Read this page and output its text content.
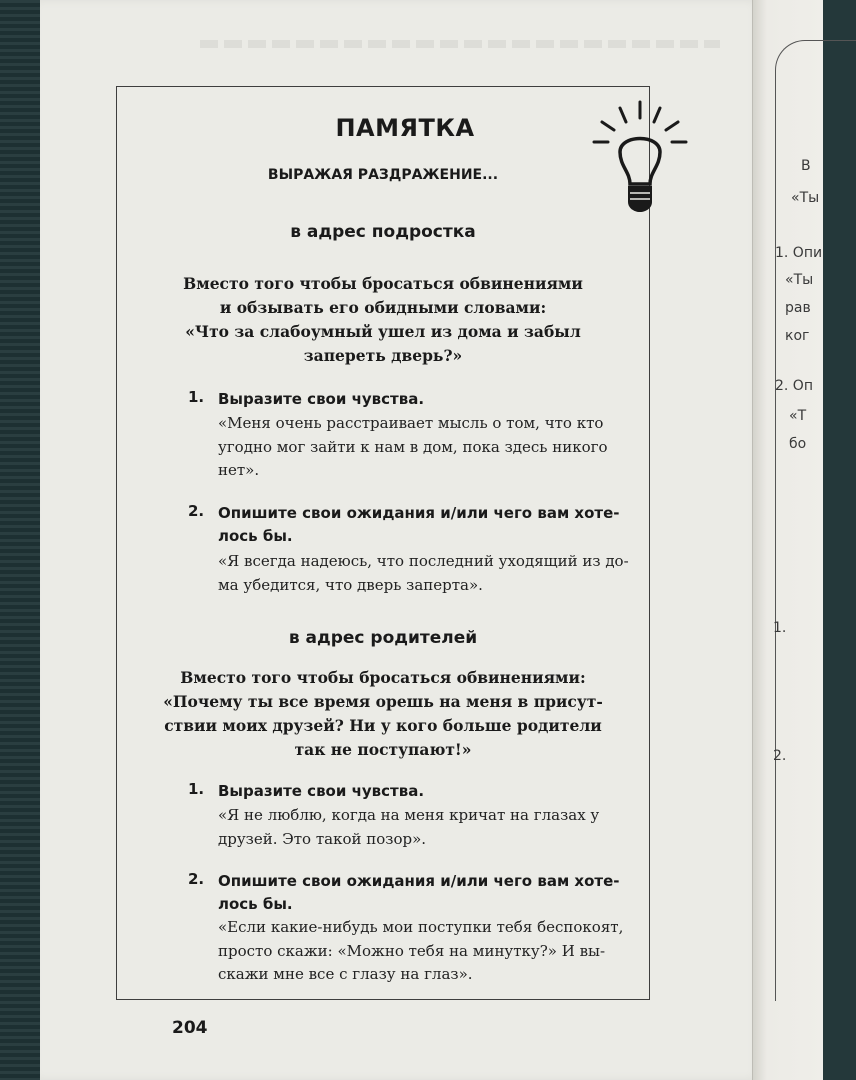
В
«Ты
1. Опи
«Ты
рав
ког
2. Оп
«Т
бо
1.
2.
ПАМЯТКА
ВЫРАЖАЯ РАЗДРАЖЕНИЕ...
в адрес подростка
Вместо того чтобы бросаться обвинениями
и обзывать его обидными словами:
«Что за слабоумный ушел из дома и забыл
запереть дверь?»
1. Выразите свои чувства.
«Меня очень расстраивает мысль о том, что кто
угодно мог зайти к нам в дом, пока здесь никого
нет».
2. Опишите свои ожидания и/или чего вам хоте-
лось бы.
«Я всегда надеюсь, что последний уходящий из до-
ма убедится, что дверь заперта».
в адрес родителей
Вместо того чтобы бросаться обвинениями:
«Почему ты все время орешь на меня в присут-
ствии моих друзей? Ни у кого больше родители
так не поступают!»
1. Выразите свои чувства.
«Я не люблю, когда на меня кричат на глазах у
друзей. Это такой позор».
2. Опишите свои ожидания и/или чего вам хоте-
лось бы.
«Если какие-нибудь мои поступки тебя беспокоят,
просто скажи: «Можно тебя на минутку?» И вы-
скажи мне все с глазу на глаз».
204
